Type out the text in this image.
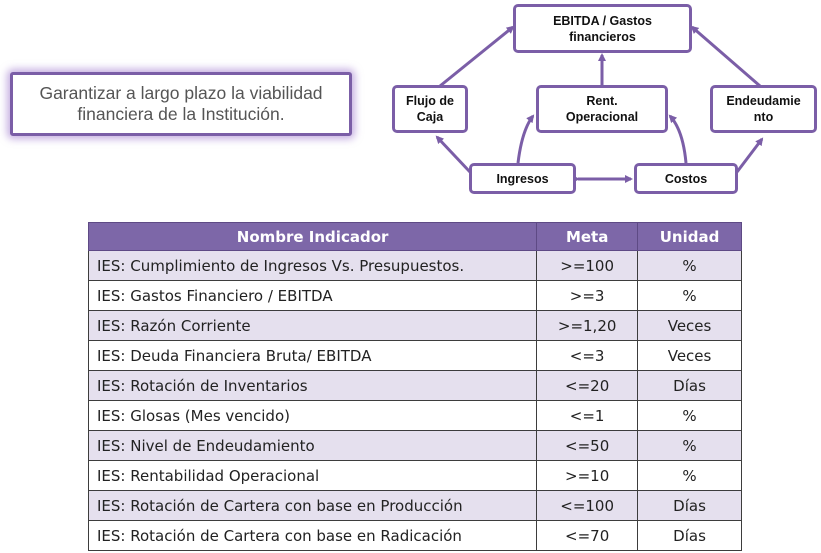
Garantizar a largo plazo la viabilidad financiera de la Institución.
EBITDA / Gastos
financieros
Flujo de
Caja
Rent.
Operacional
Endeudamie
nto
Ingresos	Costos
Nombre Indicador	Meta	Unidad
IES: Cumplimiento de Ingresos Vs. Presupuestos.	>=100	%
IES: Gastos Financiero / EBITDA	>=3	%
IES: Razón Corriente	>=1,20	Veces
IES: Deuda Financiera Bruta/ EBITDA	<=3	Veces
IES: Rotación de Inventarios	<=20	Días
IES: Glosas (Mes vencido)	<=1	%
IES: Nivel de Endeudamiento	<=50	%
IES: Rentabilidad Operacional	>=10	%
IES: Rotación de Cartera con base en Producción	<=100	Días
IES: Rotación de Cartera con base en Radicación	<=70	Días
